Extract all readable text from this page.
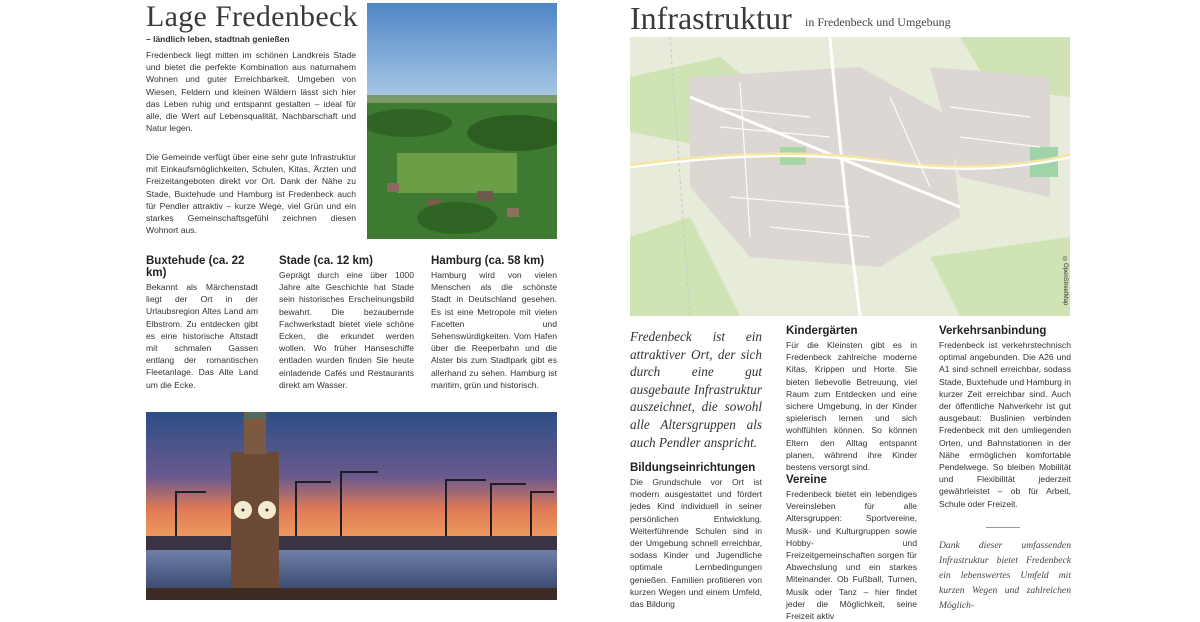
Lage Fredenbeck
– ländlich leben, stadtnah genießen
Fredenbeck liegt mitten im schönen Landkreis Stade und bietet die perfekte Kombination aus naturnahem Wohnen und guter Erreichbarkeit. Umgeben von Wiesen, Feldern und kleinen Wäldern lässt sich hier das Leben ruhig und entspannt gestalten – ideal für alle, die Wert auf Lebensqualität, Nachbarschaft und Natur legen.
Die Gemeinde verfügt über eine sehr gute Infrastruktur mit Einkaufsmöglichkeiten, Schulen, Kitas, Ärzten und Freizeitangeboten direkt vor Ort. Dank der Nähe zu Stade, Buxtehude und Hamburg ist Fredenbeck auch für Pendler attraktiv – kurze Wege, viel Grün und ein starkes Gemeinschaftsgefühl zeichnen diesen Wohnort aus.
Buxtehude (ca. 22 km)
Bekannt als Märchenstadt liegt der Ort in der Urlaubsregion Altes Land am Elbstrom. Zu entdecken gibt es eine historische Altstadt mit schmalen Gassen entlang der romantischen Fleetanlage. Das Alte Land um die Ecke.
Stade (ca. 12 km)
Geprägt durch eine über 1000 Jahre alte Geschichte hat Stade sein historisches Erscheinungsbild bewahrt. Die bezaubernde Fachwerkstadt bietet viele schöne Ecken, die erkundet werden wollen. Wo früher Hanseschiffe entladen wurden finden Sie heute einladende Cafés und Restaurants direkt am Wasser.
Hamburg (ca. 58 km)
Hamburg wird von vielen Menschen als die schönste Stadt in Deutschland gesehen. Es ist eine Metropole mit vielen Facetten und Sehenswürdigkeiten. Vom Hafen über die Reeperbahn und die Alster bis zum Stadtpark gibt es allerhand zu sehen. Hamburg ist maritim, grün und historisch.
Infrastruktur in Fredenbeck und Umgebung
©OpenStreetMap
Fredenbeck ist ein attraktiver Ort, der sich durch eine gut ausgebaute Infrastruktur auszeichnet, die sowohl alle Altersgruppen als auch Pendler anspricht.
Bildungseinrichtungen
Die Grundschule vor Ort ist modern ausgestattet und fördert jedes Kind individuell in seiner persönlichen Entwicklung. Weiterführende Schulen sind in der Umgebung schnell erreichbar, sodass Kinder und Jugendliche optimale Lernbedingungen genießen. Familien profitieren von kurzen Wegen und einem Umfeld, das Bildung
Kindergärten
Für die Kleinsten gibt es in Fredenbeck zahlreiche moderne Kitas, Krippen und Horte. Sie bieten liebevolle Betreuung, viel Raum zum Entdecken und eine sichere Umgebung, in der Kinder spielerisch lernen und sich wohlfühlen können. So können Eltern den Alltag entspannt planen, während ihre Kinder bestens versorgt sind.
Vereine
Fredenbeck bietet ein lebendiges Vereinsleben für alle Altersgruppen: Sportvereine, Musik- und Kulturgruppen sowie Hobby- und Freizeitgemeinschaften sorgen für Abwechslung und ein starkes Miteinander. Ob Fußball, Turnen, Musik oder Tanz – hier findet jeder die Möglichkeit, seine Freizeit aktiv
Verkehrsanbindung
Fredenbeck ist verkehrstechnisch optimal angebunden. Die A26 und A1 sind schnell erreichbar, sodass Stade, Buxtehude und Hamburg in kurzer Zeit erreichbar sind. Auch der öffentliche Nahverkehr ist gut ausgebaut: Buslinien verbinden Fredenbeck mit den umliegenden Orten, und Bahnstationen in der Nähe ermöglichen komfortable Pendelwege. So bleiben Mobilität und Flexibilität jederzeit gewährleistet – ob für Arbeit, Schule oder Freizeit.
Dank dieser umfassenden Infrastruktur bietet Fredenbeck ein lebenswertes Umfeld mit kurzen Wegen und zahlreichen Möglich-
